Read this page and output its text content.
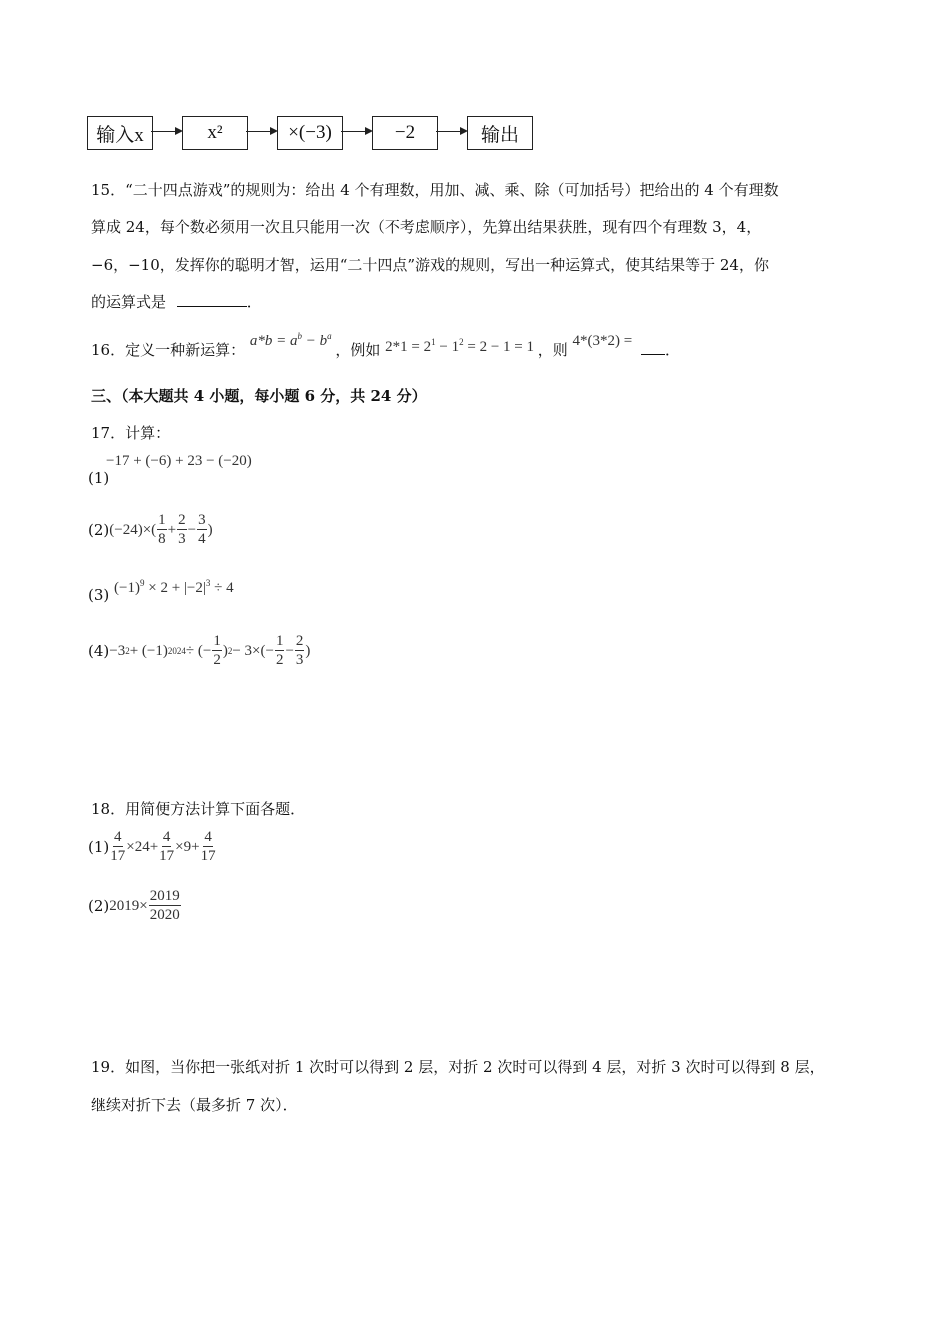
输入x	x²	×(−3)	−2	输出
15．“二十四点游戏”的规则为：给出 4 个有理数，用加、减、乘、除（可加括号）把给出的 4 个有理数
算成 24，每个数必须用一次且只能用一次（不考虑顺序），先算出结果获胜，现有四个有理数 3，4，
−6，−10，发挥你的聪明才智，运用“二十四点”游戏的规则，写出一种运算式，使其结果等于 24，你
的运算式是	．
16．定义一种新运算： $a*b = a^b - b^a$ ，例如 $2*1 = 2^1 - 1^2 = 2 - 1 = 1$ ，则 4*(3*2) = ．
三、（本大题共 4 小题，每小题 6 分，共 24 分）
17．计算：
−17 + (−6) + 23 − (−20)
(1)
(2) $(-24)\times( \frac{1}{8} + \frac{2}{3} - \frac{3}{4}$ )
(3) $(-1)^9 \times 2 + |-2|^3 \div 4$
(4) −3 2 + (−1) 2024 ÷ (− $\frac{1}{2}$ ) $2 - 3\times(- \frac{1}{2} - \frac{2}{3}$ )
18．用简便方法计算下面各题．
$(1) \frac{4}{17} \times 24+ \frac{4}{17} \times 9+ \frac{4}{17}$
(2) $2019\times \frac{2019}{2020}$
19．如图，当你把一张纸对折 1 次时可以得到 2 层，对折 2 次时可以得到 4 层，对折 3 次时可以得到 8 层，
继续对折下去（最多折 7 次）．
